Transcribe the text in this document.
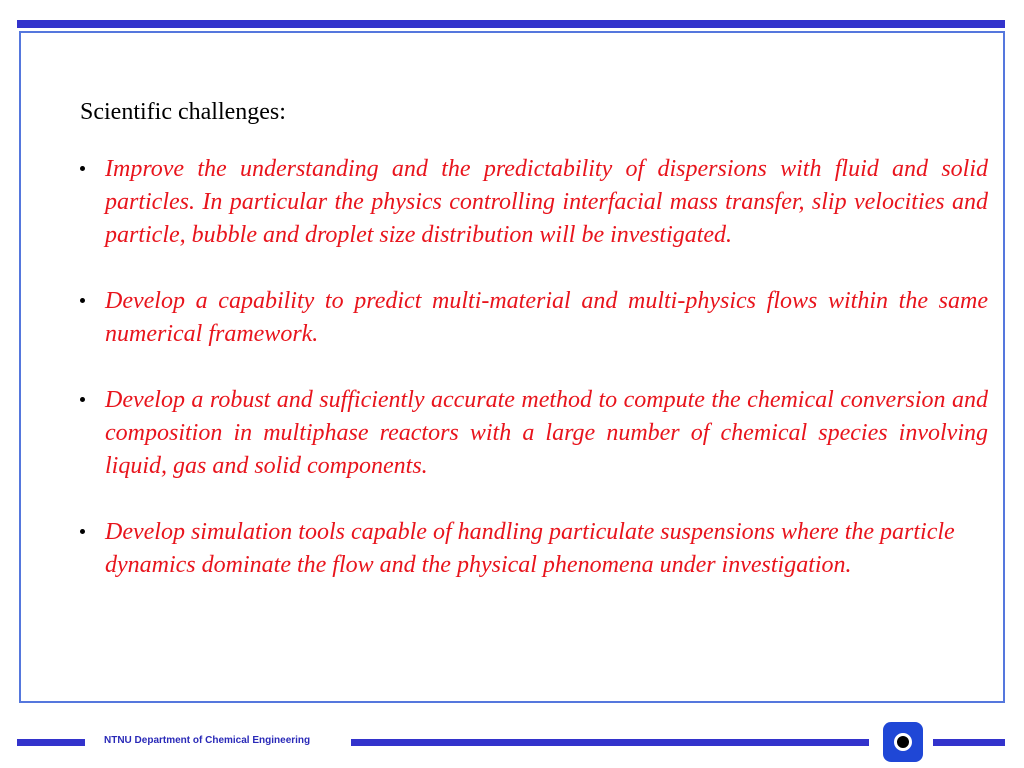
Scientific challenges:
Improve the understanding and the predictability of dispersions with fluid and solid particles. In particular the physics controlling interfacial mass transfer, slip velocities and particle, bubble and droplet size distribution will be investigated.
Develop a capability to predict multi-material and multi-physics flows within the same numerical framework.
Develop a robust and sufficiently accurate method to compute the chemical conversion and composition in multiphase reactors with a large number of chemical species involving liquid, gas and solid components.
Develop simulation tools capable of handling particulate suspensions where the particle dynamics dominate the flow and the physical phenomena under investigation.
NTNU Department of Chemical Engineering
